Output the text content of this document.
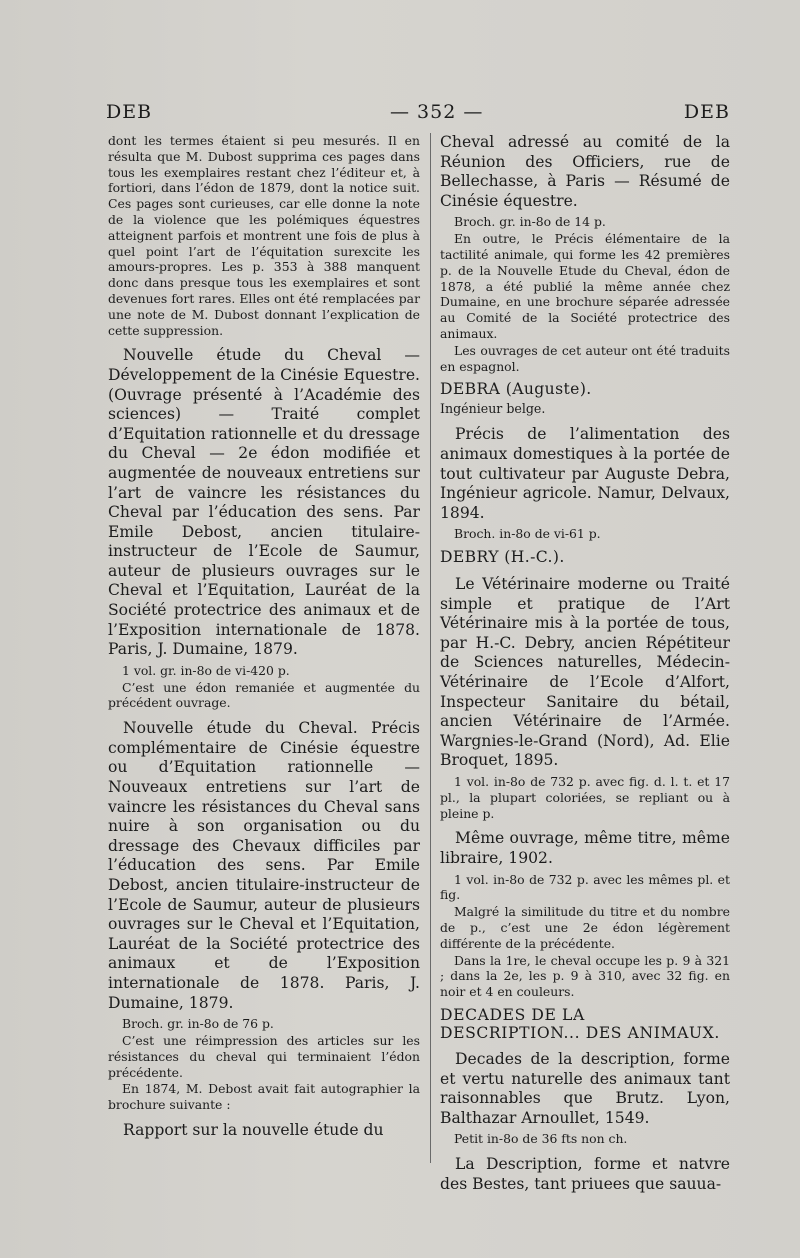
DEB	— 352 —	DEB

dont les termes étaient si peu mesurés. Il en résulta que M. Dubost supprima ces pages dans tous les exemplaires restant chez l’éditeur et, à fortiori, dans l’édon de 1879, dont la notice suit. Ces pages sont curieuses, car elle donne la note de la violence que les polémiques équestres atteignent parfois et montrent une fois de plus à quel point l’art de l’équitation surexcite les amours-propres. Les p. 353 à 388 manquent donc dans presque tous les exemplaires et sont devenues fort rares. Elles ont été remplacées par une note de M. Dubost donnant l’explication de cette suppression.

Nouvelle étude du Cheval — Développement de la Cinésie Equestre. (Ouvrage présenté à l’Académie des sciences) — Traité complet d’Equitation rationnelle et du dressage du Cheval — 2e édon modifiée et augmentée de nouveaux entretiens sur l’art de vaincre les résistances du Cheval par l’éducation des sens. Par Emile Debost, ancien titulaire-instructeur de l’Ecole de Saumur, auteur de plusieurs ouvrages sur le Cheval et l’Equitation, Lauréat de la Société protectrice des animaux et de l’Exposition internationale de 1878. Paris, J. Dumaine, 1879.

1 vol. gr. in-8o de vi-420 p.

C’est une édon remaniée et augmentée du précédent ouvrage.

Nouvelle étude du Cheval. Précis complémentaire de Cinésie équestre ou d’Equitation rationnelle — Nouveaux entretiens sur l’art de vaincre les résistances du Cheval sans nuire à son organisation ou du dressage des Chevaux difficiles par l’éducation des sens. Par Emile Debost, ancien titulaire-instructeur de l’Ecole de Saumur, auteur de plusieurs ouvrages sur le Cheval et l’Equitation, Lauréat de la Société protectrice des animaux et de l’Exposition internationale de 1878. Paris, J. Dumaine, 1879.

Broch. gr. in-8o de 76 p.

C’est une réimpression des articles sur les résistances du cheval qui terminaient l’édon précédente.

En 1874, M. Debost avait fait autographier la brochure suivante :

Rapport sur la nouvelle étude du

Cheval adressé au comité de la Réunion des Officiers, rue de Bellechasse, à Paris — Résumé de Cinésie équestre.

Broch. gr. in-8o de 14 p.

En outre, le Précis élémentaire de la tactilité animale, qui forme les 42 premières p. de la Nouvelle Etude du Cheval, édon de 1878, a été publié la même année chez Dumaine, en une brochure séparée adressée au Comité de la Société protectrice des animaux.

Les ouvrages de cet auteur ont été traduits en espagnol.

DEBRA (Auguste).

Ingénieur belge.

Précis de l’alimentation des animaux domestiques à la portée de tout cultivateur par Auguste Debra, Ingénieur agricole. Namur, Delvaux, 1894.

Broch. in-8o de vi-61 p.

DEBRY (H.-C.).

Le Vétérinaire moderne ou Traité simple et pratique de l’Art Vétérinaire mis à la portée de tous, par H.-C. Debry, ancien Répétiteur de Sciences naturelles, Médecin-Vétérinaire de l’Ecole d’Alfort, Inspecteur Sanitaire du bétail, ancien Vétérinaire de l’Armée. Wargnies-le-Grand (Nord), Ad. Elie Broquet, 1895.

1 vol. in-8o de 732 p. avec fig. d. l. t. et 17 pl., la plupart coloriées, se repliant ou à pleine p.

Même ouvrage, même titre, même libraire, 1902.

1 vol. in-8o de 732 p. avec les mêmes pl. et fig.

Malgré la similitude du titre et du nombre de p., c’est une 2e édon légèrement différente de la précédente.

Dans la 1re, le cheval occupe les p. 9 à 321 ; dans la 2e, les p. 9 à 310, avec 32 fig. en noir et 4 en couleurs.

DECADES DE LA DESCRIPTION... DES ANIMAUX.

Decades de la description, forme et vertu naturelle des animaux tant raisonnables que Brutz. Lyon, Balthazar Arnoullet, 1549.

Petit in-8o de 36 fts non ch.

La Description, forme et natvre des Bestes, tant priuees que sauua-
